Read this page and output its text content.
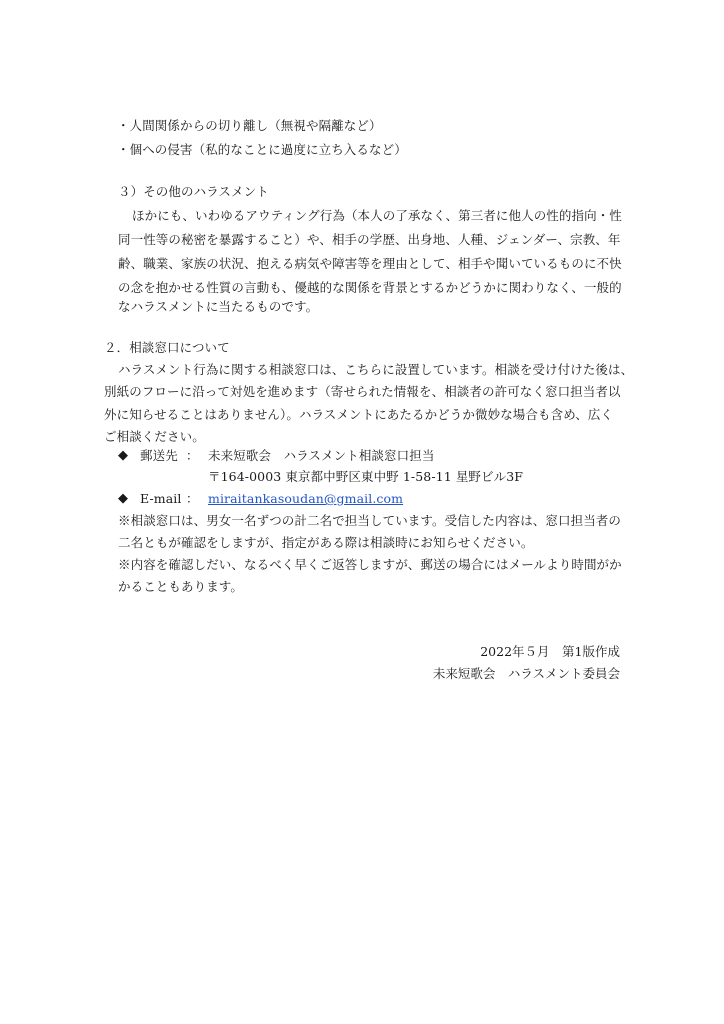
・人間関係からの切り離し（無視や隔離など）
・個への侵害（私的なことに過度に立ち入るなど）
３）その他のハラスメント
ほかにも、いわゆるアウティング行為（本人の了承なく、第三者に他人の性的指向・性
同一性等の秘密を暴露すること）や、相手の学歴、出身地、人種、ジェンダー、宗教、年
齢、職業、家族の状況、抱える病気や障害等を理由として、相手や聞いているものに不快
の念を抱かせる性質の言動も、優越的な関係を背景とするかどうかに関わりなく、一般的
なハラスメントに当たるものです。
２．相談窓口について
ハラスメント行為に関する相談窓口は、こちらに設置しています。相談を受け付けた後は、
別紙のフローに沿って対処を進めます（寄せられた情報を、相談者の許可なく窓口担当者以
外に知らせることはありません）。ハラスメントにあたるかどうか微妙な場合も含め、広く
ご相談ください。
◆ 郵送先 ： 未来短歌会　ハラスメント相談窓口担当
〒164-0003 東京都中野区東中野 1-58-11 星野ビル3F
◆ E-mail ： miraitankasoudan@gmail.com
※相談窓口は、男女一名ずつの計二名で担当しています。受信した内容は、窓口担当者の
二名ともが確認をしますが、指定がある際は相談時にお知らせください。
※内容を確認しだい、なるべく早くご返答しますが、郵送の場合にはメールより時間がか
かることもあります。
2022年５月　第1版作成
未来短歌会　ハラスメント委員会
